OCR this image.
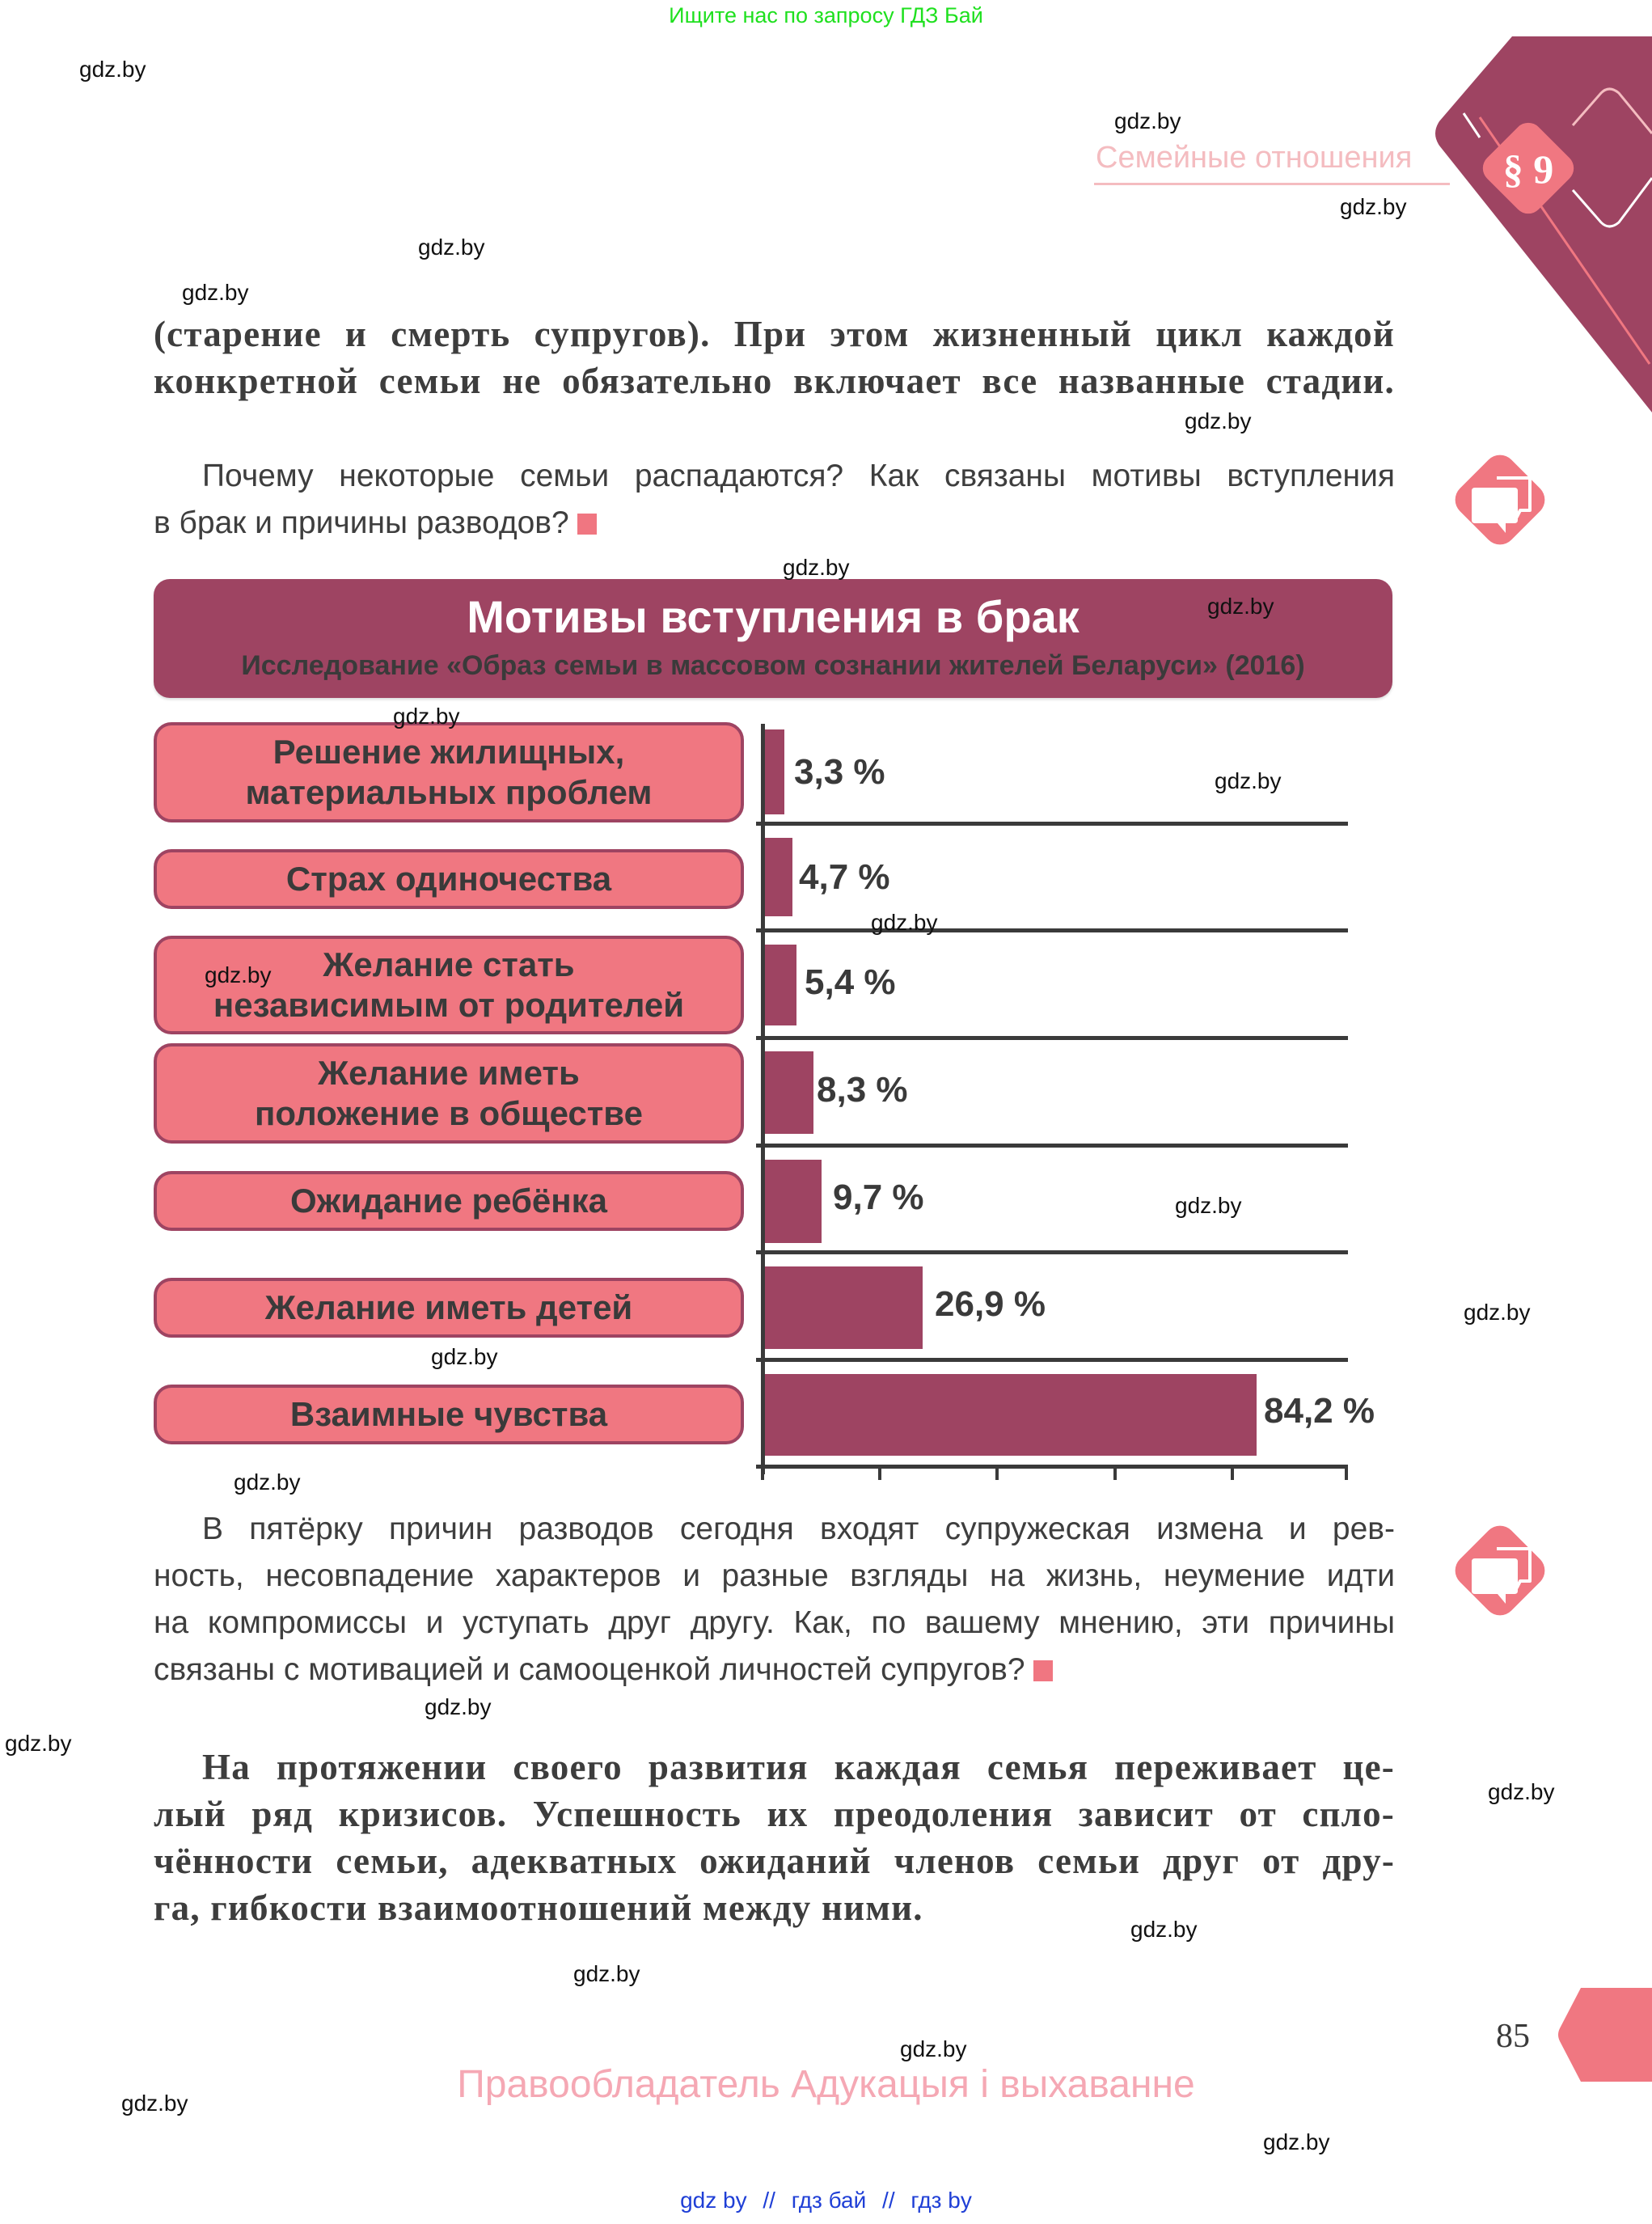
Ищите нас по запросу ГДЗ Бай
§ 9
Семейные отношения
(старение и смерть супругов). При этом жизненный цикл каждой
конкретной семьи не обязательно включает все названные стадии.
Почему некоторые семьи распадаются? Как связаны мотивы вступления
в брак и причины разводов?
Мотивы вступления в брак
Исследование «Образ семьи в массовом сознании жителей Беларуси» (2016)
Решение жилищных,
материальных проблем
Страх одиночества
Желание стать
независимым от родителей
Желание иметь
положение в обществе
Ожидание ребёнка
Желание иметь детей
Взаимные чувства
3,3 %
4,7 %
5,4 %
8,3 %
9,7 %
26,9 %
84,2 %
В пятёрку причин разводов сегодня входят супружеская измена и рев-
ность, несовпадение характеров и разные взгляды на жизнь, неумение идти
на компромиссы и уступать друг другу. Как, по вашему мнению, эти причины
связаны с мотивацией и самооценкой личностей супругов?
На протяжении своего развития каждая семья переживает це-
лый ряд кризисов. Успешность их преодоления зависит от спло-
чённости семьи, адекватных ожиданий членов семьи друг от дру-
га, гибкости взаимоотношений между ними.
85
Правообладатель Адукацыя і выхаванне
gdz by // гдз бай // гдз by
gdz.by
gdz.by
gdz.by
gdz.by
gdz.by
gdz.by
gdz.by
gdz.by
gdz.by
gdz.by
gdz.by
gdz.by
gdz.by
gdz.by
gdz.by
gdz.by
gdz.by
gdz.by
gdz.by
gdz.by
gdz.by
gdz.by
gdz.by
gdz.by
